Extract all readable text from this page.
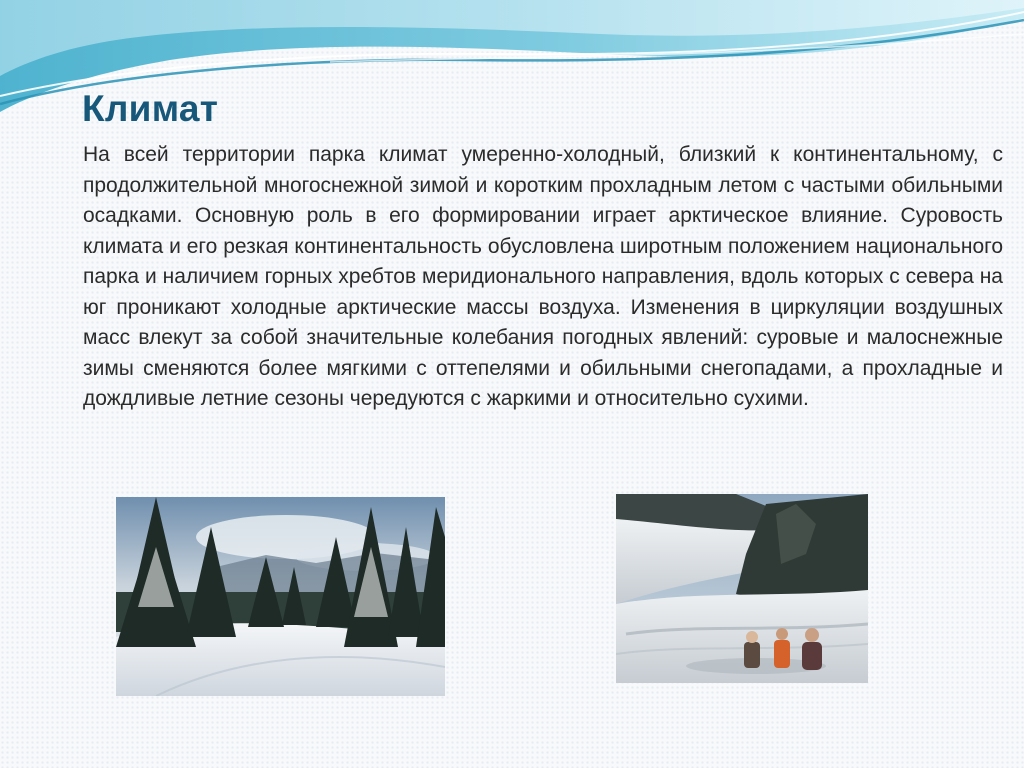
Климат

На всей территории парка климат умеренно-холодный, близкий к континентальному, с продолжительной многоснежной зимой и коротким прохладным летом с частыми обильными осадками. Основную роль в его формировании играет арктическое влияние. Суровость климата и его резкая континентальность обусловлена широтным положением национального парка и наличием горных хребтов меридионального направления, вдоль которых с севера на юг проникают холодные арктические массы воздуха. Изменения в циркуляции воздушных масс влекут за собой значительные колебания погодных явлений: суровые и малоснежные зимы сменяются более мягкими с оттепелями и обильными снегопадами, а прохладные и дождливые летние сезоны чередуются с жаркими и относительно сухими.
